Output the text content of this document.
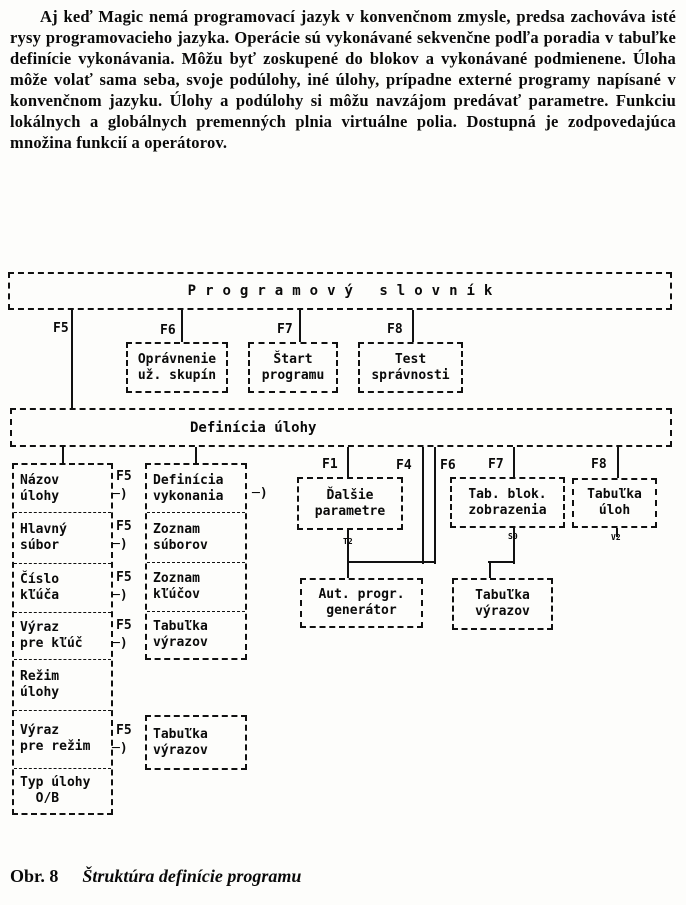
Aj keď Magic nemá programovací jazyk v konvenčnom zmysle, predsa zachováva isté rysy programovacieho jazyka. Operácie sú vykonávané sekvenčne podľa poradia v tabuľke definície vykonávania. Môžu byť zoskupené do blokov a vykonávané podmienene. Úloha môže volať sama seba, svoje podúlohy, iné úlohy, prípadne externé programy napísané v konvenčnom jazyku. Úlohy a podúlohy si môžu navzájom predávať parametre. Funkciu lokálnych a globálnych premenných plnia virtuálne polia. Dostupná je zodpovedajúca množina funkcií a operátorov.
Programový slovník
Oprávnenie
už. skupín
Štart
programu
Test
správnosti
Definícia úlohy
Ďalšie
parametre
Tab. blok.
zobrazenia
Tabuľka
úloh
Aut. progr.
generátor
Tabuľka
výrazov
Názov
úlohy
Hlavný
súbor
Číslo
kľúča
Výraz
pre kľúč
Režim
úlohy
Výraz
pre režim
Typ úlohy
O/B
Definícia
vykonania
Zoznam
súborov
Zoznam
kľúčov
Tabuľka
výrazov
Tabuľka
výrazov
F5	F6	F7	F8
F1	F4 F6 F7	F8
F5
─)
F5
─)
F5
─)
F5
─)
F5
─)
─)
T2
S0	V2
Obr. 8 Štruktúra definície programu
